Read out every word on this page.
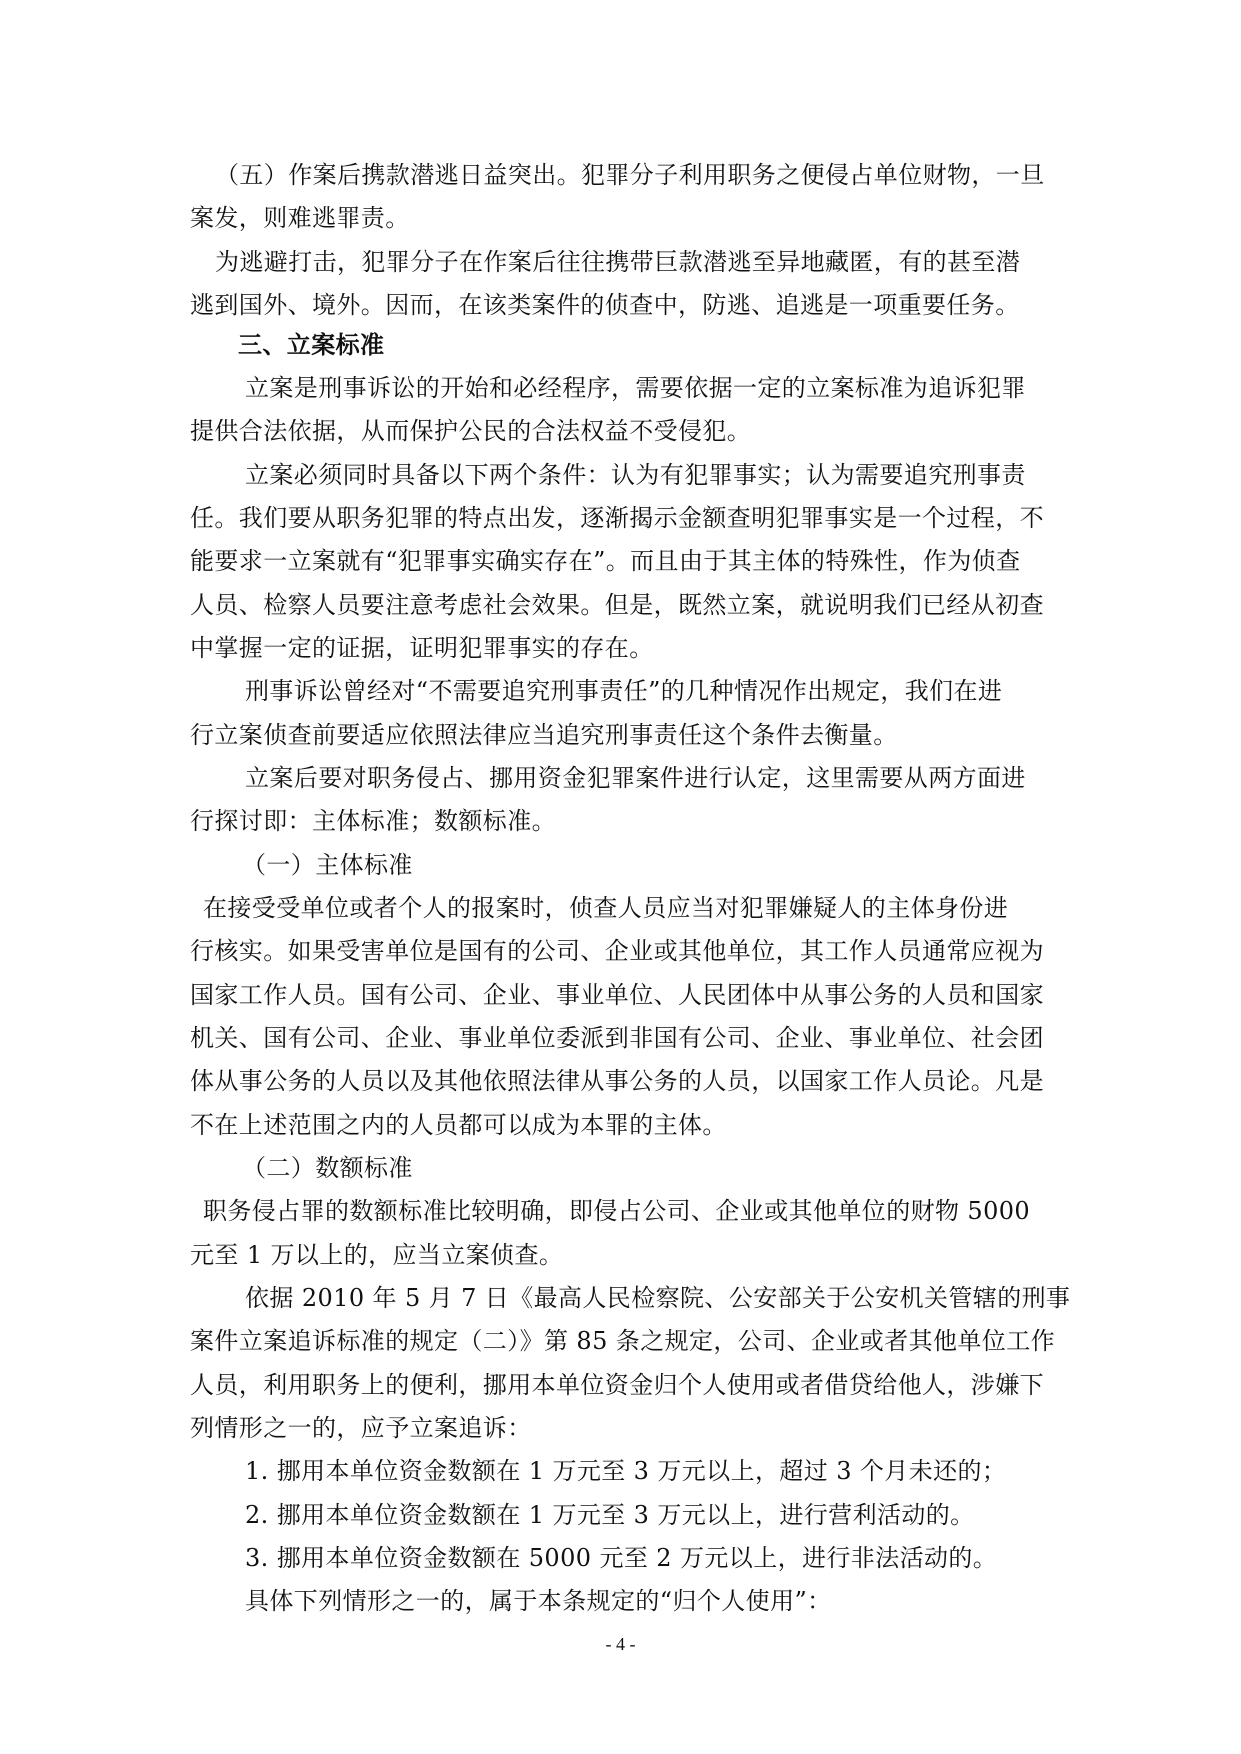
（五）作案后携款潜逃日益突出。犯罪分子利用职务之便侵占单位财物，一旦
案发，则难逃罪责。
为逃避打击，犯罪分子在作案后往往携带巨款潜逃至异地藏匿，有的甚至潜
逃到国外、境外。因而，在该类案件的侦查中，防逃、追逃是一项重要任务。
三、立案标准
立案是刑事诉讼的开始和必经程序，需要依据一定的立案标准为追诉犯罪
提供合法依据，从而保护公民的合法权益不受侵犯。
立案必须同时具备以下两个条件：认为有犯罪事实；认为需要追究刑事责
任。我们要从职务犯罪的特点出发，逐渐揭示金额查明犯罪事实是一个过程，不
能要求一立案就有“犯罪事实确实存在”。而且由于其主体的特殊性，作为侦查
人员、检察人员要注意考虑社会效果。但是，既然立案，就说明我们已经从初查
中掌握一定的证据，证明犯罪事实的存在。
刑事诉讼曾经对“不需要追究刑事责任”的几种情况作出规定，我们在进
行立案侦查前要适应依照法律应当追究刑事责任这个条件去衡量。
立案后要对职务侵占、挪用资金犯罪案件进行认定，这里需要从两方面进
行探讨即：主体标准；数额标准。
（一）主体标准
在接受受单位或者个人的报案时，侦查人员应当对犯罪嫌疑人的主体身份进
行核实。如果受害单位是国有的公司、企业或其他单位，其工作人员通常应视为
国家工作人员。国有公司、企业、事业单位、人民团体中从事公务的人员和国家
机关、国有公司、企业、事业单位委派到非国有公司、企业、事业单位、社会团
体从事公务的人员以及其他依照法律从事公务的人员，以国家工作人员论。凡是
不在上述范围之内的人员都可以成为本罪的主体。
（二）数额标准
职务侵占罪的数额标准比较明确，即侵占公司、企业或其他单位的财物 5000
元至 1 万以上的，应当立案侦查。
依据 2010 年 5 月 7 日《最高人民检察院、公安部关于公安机关管辖的刑事
案件立案追诉标准的规定（二）》第 85 条之规定，公司、企业或者其他单位工作
人员，利用职务上的便利，挪用本单位资金归个人使用或者借贷给他人，涉嫌下
列情形之一的，应予立案追诉：
1. 挪用本单位资金数额在 1 万元至 3 万元以上，超过 3 个月未还的；
2. 挪用本单位资金数额在 1 万元至 3 万元以上，进行营利活动的。
3. 挪用本单位资金数额在 5000 元至 2 万元以上，进行非法活动的。
具体下列情形之一的，属于本条规定的“归个人使用”：
- 4 -
